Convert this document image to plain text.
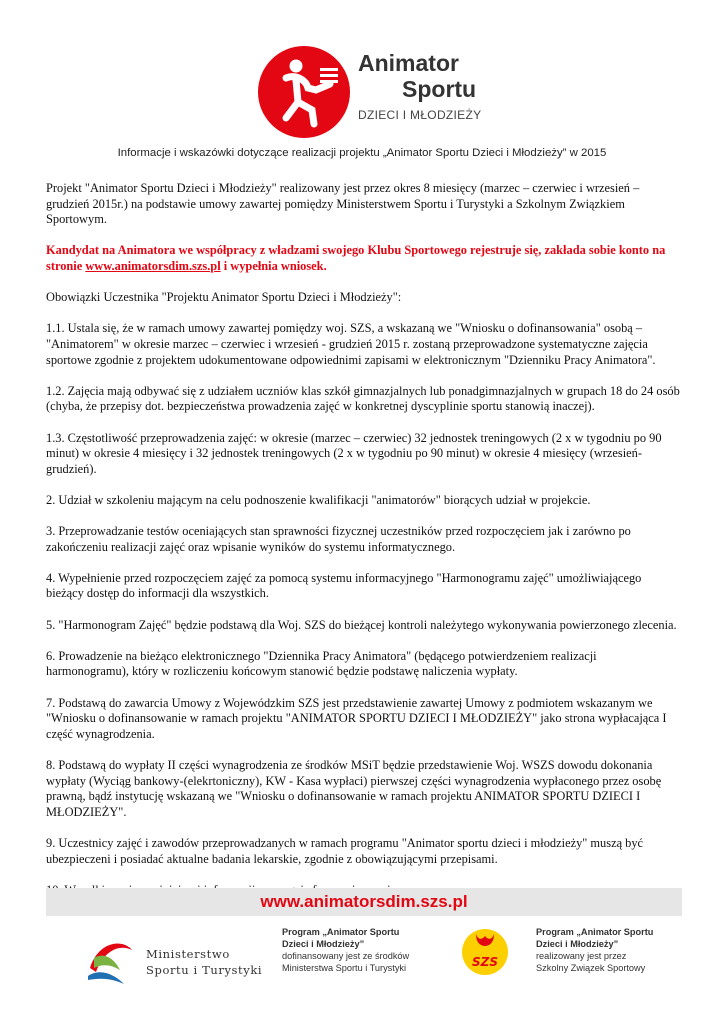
Animator
Sportu
DZIECI I MŁODZIEŻY
Informacje i wskazówki dotyczące realizacji projektu „Animator Sportu Dzieci i Młodzieży” w 2015

Projekt "Animator Sportu Dzieci i Młodzieży" realizowany jest przez okres 8 miesięcy (marzec – czerwiec i wrzesień – grudzień 2015r.) na podstawie umowy zawartej pomiędzy Ministerstwem Sportu i Turystyki a Szkolnym Związkiem Sportowym.

Kandydat na Animatora we współpracy z władzami swojego Klubu Sportowego rejestruje się, zakłada sobie konto na stronie www.animatorsdim.szs.pl i wypełnia wniosek.

Obowiązki Uczestnika "Projektu Animator Sportu Dzieci i Młodzieży":

1.1. Ustala się, że w ramach umowy zawartej pomiędzy woj. SZS, a wskazaną we "Wniosku o dofinansowania" osobą – "Animatorem" w okresie marzec – czerwiec i wrzesień - grudzień 2015 r. zostaną przeprowadzone systematyczne zajęcia sportowe zgodnie z projektem udokumentowane odpowiednimi zapisami w elektronicznym "Dzienniku Pracy Animatora".

1.2. Zajęcia mają odbywać się z udziałem uczniów klas szkół gimnazjalnych lub ponadgimnazjalnych w grupach 18 do 24 osób (chyba, że przepisy dot. bezpieczeństwa prowadzenia zajęć w konkretnej dyscyplinie sportu stanowią inaczej).

1.3. Częstotliwość przeprowadzenia zajęć: w okresie (marzec – czerwiec) 32 jednostek treningowych (2 x w tygodniu po 90 minut) w okresie 4 miesięcy i 32 jednostek treningowych (2 x w tygodniu po 90 minut) w okresie 4 miesięcy (wrzesień-grudzień).

2. Udział w szkoleniu mającym na celu podnoszenie kwalifikacji "animatorów" biorących udział w projekcie.

3. Przeprowadzanie testów oceniających stan sprawności fizycznej uczestników przed rozpoczęciem jak i zarówno po zakończeniu realizacji zajęć oraz wpisanie wyników do systemu informatycznego.

4. Wypełnienie przed rozpoczęciem zajęć za pomocą systemu informacyjnego "Harmonogramu zajęć" umożliwiającego bieżący dostęp do informacji dla wszystkich.

5. "Harmonogram Zajęć" będzie podstawą dla Woj. SZS do bieżącej kontroli należytego wykonywania powierzonego zlecenia.

6. Prowadzenie na bieżąco elektronicznego "Dziennika Pracy Animatora" (będącego potwierdzeniem realizacji harmonogramu), który w rozliczeniu końcowym stanowić będzie podstawę naliczenia wypłaty.

7. Podstawą do zawarcia Umowy z Wojewódzkim SZS jest przedstawienie zawartej Umowy z podmiotem wskazanym we "Wniosku o dofinansowanie w ramach projektu "ANIMATOR SPORTU DZIECI I MŁODZIEŻY" jako strona wypłacająca I część wynagrodzenia.

8. Podstawą do wypłaty II części wynagrodzenia ze środków MSiT będzie przedstawienie Woj. WSZS dowodu dokonania wypłaty (Wyciąg bankowy-(elekrtoniczny), KW - Kasa wypłaci) pierwszej części wynagrodzenia wypłaconego przez osobę prawną, bądź instytucję wskazaną we "Wniosku o dofinansowanie w ramach projektu ANIMATOR SPORTU DZIECI I MŁODZIEŻY".

9. Uczestnicy zajęć i zawodów przeprowadzanych w ramach programu "Animator sportu dzieci i młodzieży" muszą być ubezpieczeni i posiadać aktualne badania lekarskie, zgodnie z obowiązującymi przepisami.

www.animatorsdim.szs.pl
Ministerstwo
Sportu i Turystyki
Program „Animator Sportu
Dzieci i Młodzieży”
dofinansowany jest ze środków
Ministerstwa Sportu i Turystyki	SZS
Program „Animator Sportu
Dzieci i Młodzieży”
realizowany jest przez
Szkolny Związek Sportowy
